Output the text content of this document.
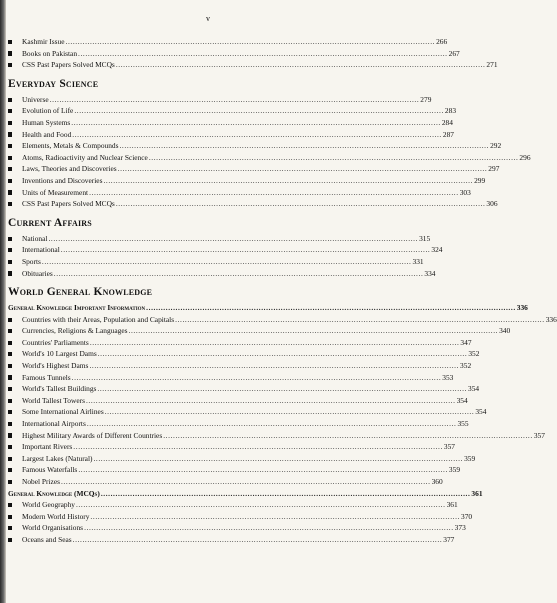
v
Kashmir Issue ....................................................................................................................................................... 266
Books on Pakistan ....................................................................................................................................................... 267
CSS Past Papers Solved MCQs ....................................................................................................................................................... 271
Everyday Science
Universe ....................................................................................................................................................... 279
Evolution of Life ....................................................................................................................................................... 283
Human Systems ....................................................................................................................................................... 284
Health and Food ....................................................................................................................................................... 287
Elements, Metals & Compounds ....................................................................................................................................................... 292
Atoms, Radioactivity and Nuclear Science ....................................................................................................................................................... 296
Laws, Theories and Discoveries ....................................................................................................................................................... 297
Inventions and Discoveries ....................................................................................................................................................... 299
Units of Measurement ....................................................................................................................................................... 303
CSS Past Papers Solved MCQs ....................................................................................................................................................... 306
Current Affairs
National ....................................................................................................................................................... 315
International ....................................................................................................................................................... 324
Sports ....................................................................................................................................................... 331
Obituaries ....................................................................................................................................................... 334
World General Knowledge
General Knowledge Important Information ....................................................................................................................................................... 336
Countries with their Areas, Population and Capitals ....................................................................................................................................................... 336
Currencies, Religions & Languages ....................................................................................................................................................... 340
Countries' Parliaments ....................................................................................................................................................... 347
World's 10 Largest Dams ....................................................................................................................................................... 352
World's Highest Dams ....................................................................................................................................................... 352
Famous Tunnels ....................................................................................................................................................... 353
World's Tallest Buildings ....................................................................................................................................................... 354
World Tallest Towers ....................................................................................................................................................... 354
Some International Airlines ....................................................................................................................................................... 354
International Airports ....................................................................................................................................................... 355
Highest Military Awards of Different Countries ....................................................................................................................................................... 357
Important Rivers ....................................................................................................................................................... 357
Largest Lakes (Natural) ....................................................................................................................................................... 359
Famous Waterfalls ....................................................................................................................................................... 359
Nobel Prizes ....................................................................................................................................................... 360
General Knowledge (MCQs) ....................................................................................................................................................... 361
World Geography ....................................................................................................................................................... 361
Modern World History ....................................................................................................................................................... 370
World Organisations ....................................................................................................................................................... 373
Oceans and Seas ....................................................................................................................................................... 377
